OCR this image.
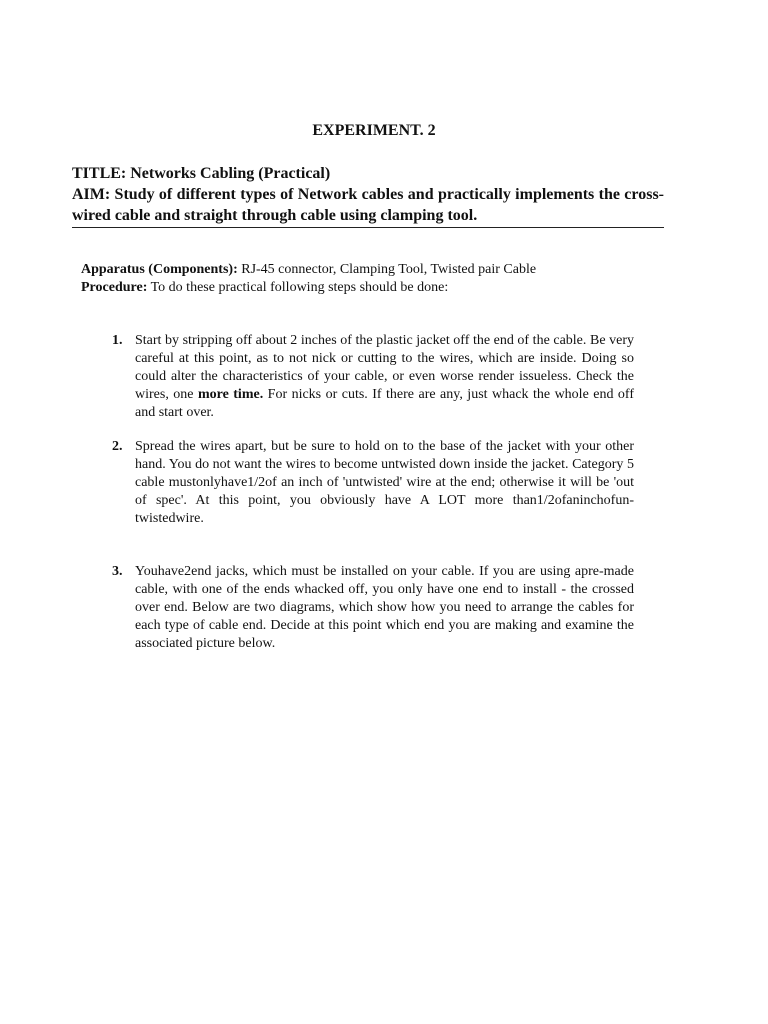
EXPERIMENT. 2
TITLE: Networks Cabling (Practical)
AIM: Study of different types of Network cables and practically implements the cross-wired cable and straight through cable using clamping tool.
Apparatus (Components): RJ-45 connector, Clamping Tool, Twisted pair Cable
Procedure: To do these practical following steps should be done:
1. Start by stripping off about 2 inches of the plastic jacket off the end of the cable. Be very careful at this point, as to not nick or cutting to the wires, which are inside. Doing so could alter the characteristics of your cable, or even worse render issueless. Check the wires, one more time. For nicks or cuts. If there are any, just whack the whole end off and start over.
2. Spread the wires apart, but be sure to hold on to the base of the jacket with your other hand. You do not want the wires to become untwisted down inside the jacket. Category 5 cable mustonlyhave1/2of an inch of 'untwisted' wire at the end; otherwise it will be 'out of spec'. At this point, you obviously have A LOT more than1/2ofaninchofun-twistedwire.
3. Youhave2end jacks, which must be installed on your cable. If you are using apre-made cable, with one of the ends whacked off, you only have one end to install - the crossed over end. Below are two diagrams, which show how you need to arrange the cables for each type of cable end. Decide at this point which end you are making and examine the associated picture below.
